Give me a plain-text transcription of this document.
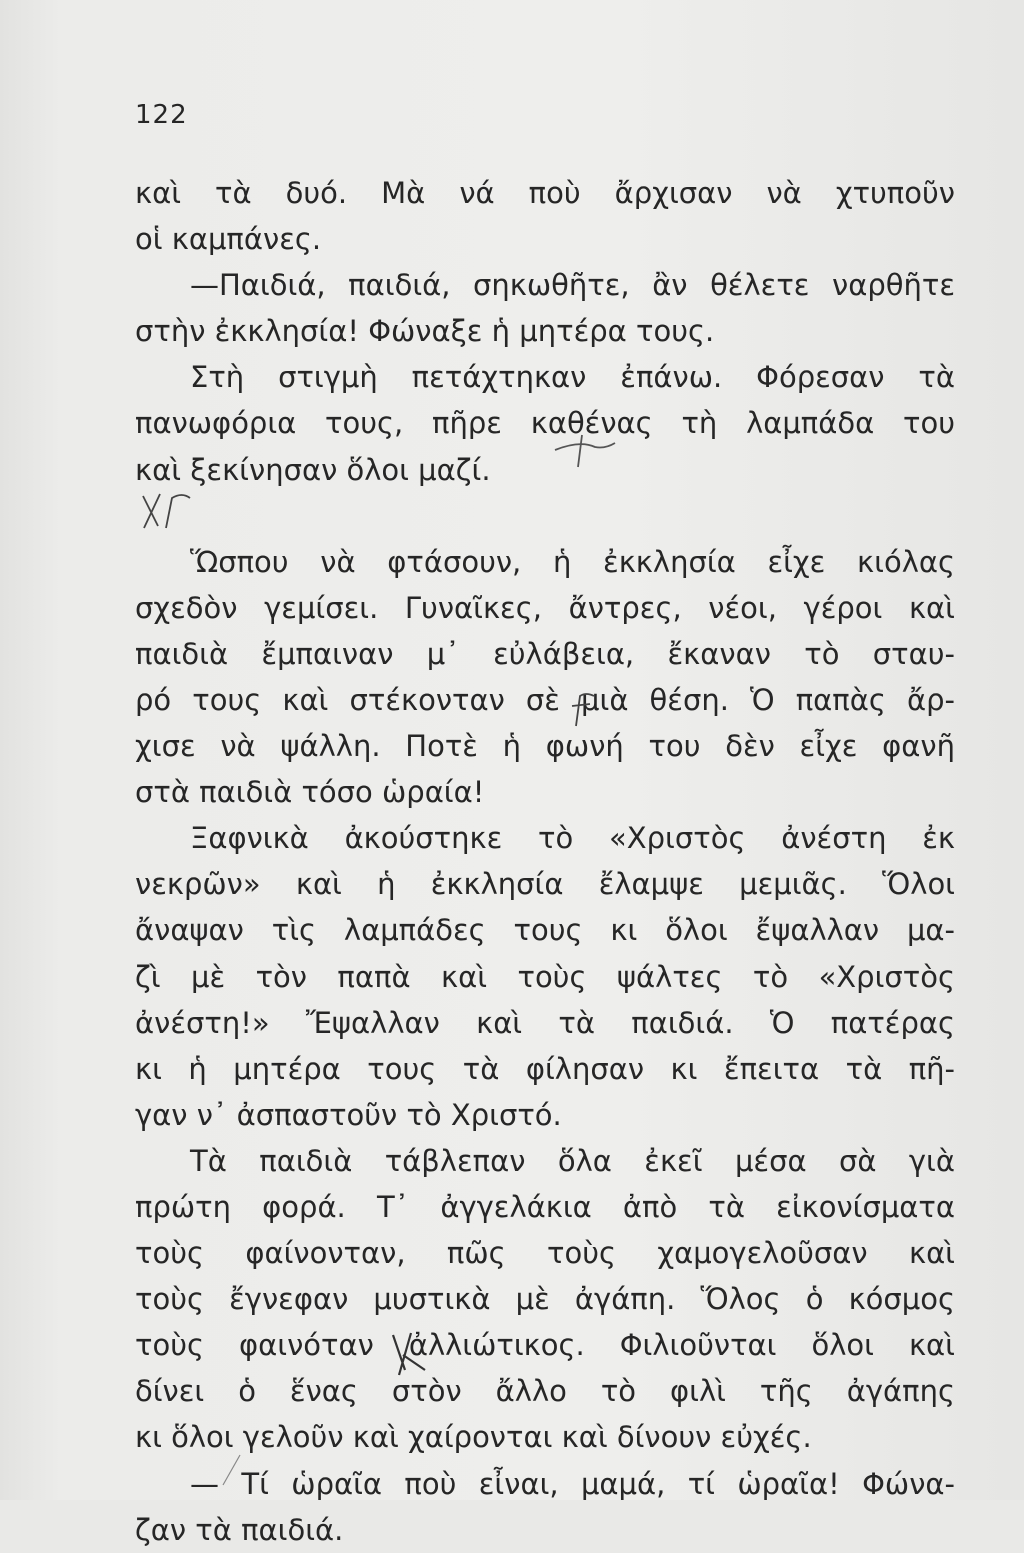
122
καὶ τὰ δυό. Μὰ νά ποὺ ἄρχισαν νὰ χτυποῦν
οἱ καμπάνες.
—Παιδιά, παιδιά, σηκωθῆτε, ἂν θέλετε ναρθῆτε
στὴν ἐκκλησία! Φώναξε ἡ μητέρα τους.
Στὴ στιγμὴ πετάχτηκαν ἐπάνω. Φόρεσαν τὰ
πανωφόρια τους, πῆρε καθένας τὴ λαμπάδα του
καὶ ξεκίνησαν ὅλοι μαζί.
Ὥσπου νὰ φτάσουν, ἡ ἐκκλησία εἶχε κιόλας
σχεδὸν γεμίσει. Γυναῖκες, ἄντρες, νέοι, γέροι καὶ
παιδιὰ ἔμπαιναν μ᾽ εὐλάβεια, ἔκαναν τὸ σταυ-
ρό τους καὶ στέκονταν σὲ μιὰ θέση. Ὁ παπὰς ἄρ-
χισε νὰ ψάλλη. Ποτὲ ἡ φωνή του δὲν εἶχε φανῆ
στὰ παιδιὰ τόσο ὡραία!
Ξαφνικὰ ἀκούστηκε τὸ «Χριστὸς ἀνέστη ἐκ
νεκρῶν» καὶ ἡ ἐκκλησία ἔλαμψε μεμιᾶς. Ὅλοι
ἄναψαν τὶς λαμπάδες τους κι ὅλοι ἔψαλλαν μα-
ζὶ μὲ τὸν παπὰ καὶ τοὺς ψάλτες τὸ «Χριστὸς
ἀνέστη!» Ἔψαλλαν καὶ τὰ παιδιά. Ὁ πατέρας
κι ἡ μητέρα τους τὰ φίλησαν κι ἔπειτα τὰ πῆ-
γαν ν᾽ ἀσπαστοῦν τὸ Χριστό.
Τὰ παιδιὰ τάβλεπαν ὅλα ἐκεῖ μέσα σὰ γιὰ
πρώτη φορά. Τ᾽ ἀγγελάκια ἀπὸ τὰ εἰκονίσματα
τοὺς φαίνονταν, πῶς τοὺς χαμογελοῦσαν καὶ
τοὺς ἔγνεφαν μυστικὰ μὲ ἀγάπη. Ὅλος ὁ κόσμος
τοὺς φαινόταν ἀλλιώτικος. Φιλιοῦνται ὅλοι καὶ
δίνει ὁ ἕνας στὸν ἄλλο τὸ φιλὶ τῆς ἀγάπης
κι ὅλοι γελοῦν καὶ χαίρονται καὶ δίνουν εὐχές.
— Τί ὡραῖα ποὺ εἶναι, μαμά, τί ὡραῖα! Φώνα-
ζαν τὰ παιδιά.
